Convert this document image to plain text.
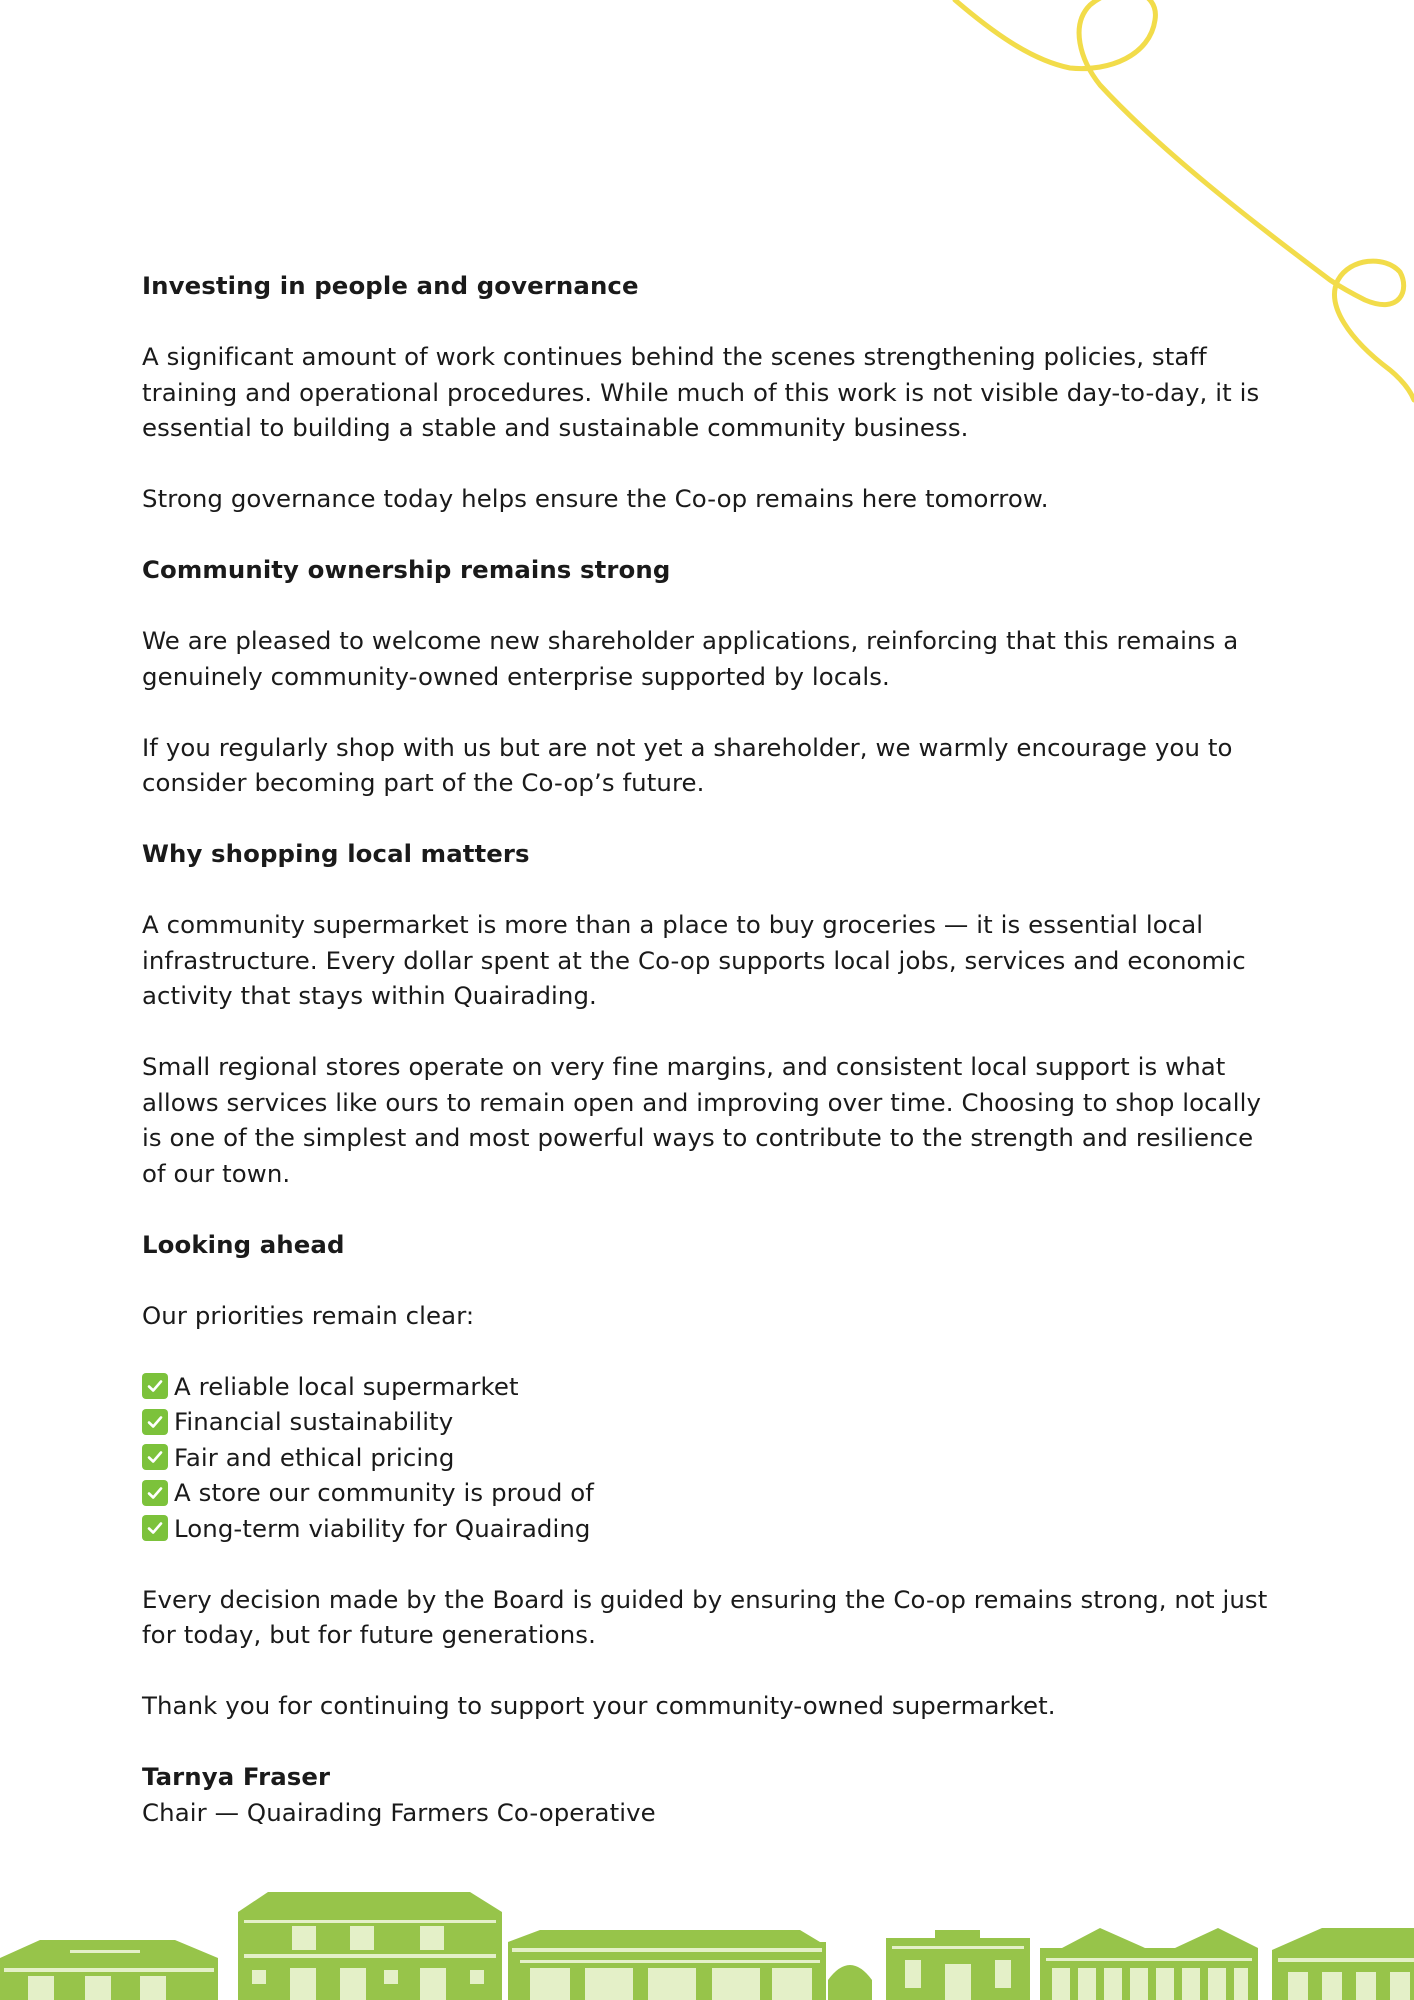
Investing in people and governance

A significant amount of work continues behind the scenes strengthening policies, staff training and operational procedures. While much of this work is not visible day-to-day, it is essential to building a stable and sustainable community business.

Strong governance today helps ensure the Co-op remains here tomorrow.

Community ownership remains strong

We are pleased to welcome new shareholder applications, reinforcing that this remains a genuinely community-owned enterprise supported by locals.

If you regularly shop with us but are not yet a shareholder, we warmly encourage you to consider becoming part of the Co-op’s future.

Why shopping local matters

A community supermarket is more than a place to buy groceries — it is essential local infrastructure. Every dollar spent at the Co-op supports local jobs, services and economic activity that stays within Quairading.

Small regional stores operate on very fine margins, and consistent local support is what allows services like ours to remain open and improving over time. Choosing to shop locally is one of the simplest and most powerful ways to contribute to the strength and resilience of our town.

Looking ahead

Our priorities remain clear:

A reliable local supermarket
Financial sustainability
Fair and ethical pricing
A store our community is proud of
Long-term viability for Quairading

Every decision made by the Board is guided by ensuring the Co-op remains strong, not just for today, but for future generations.

Thank you for continuing to support your community-owned supermarket.

Tarnya Fraser
Chair — Quairading Farmers Co-operative
